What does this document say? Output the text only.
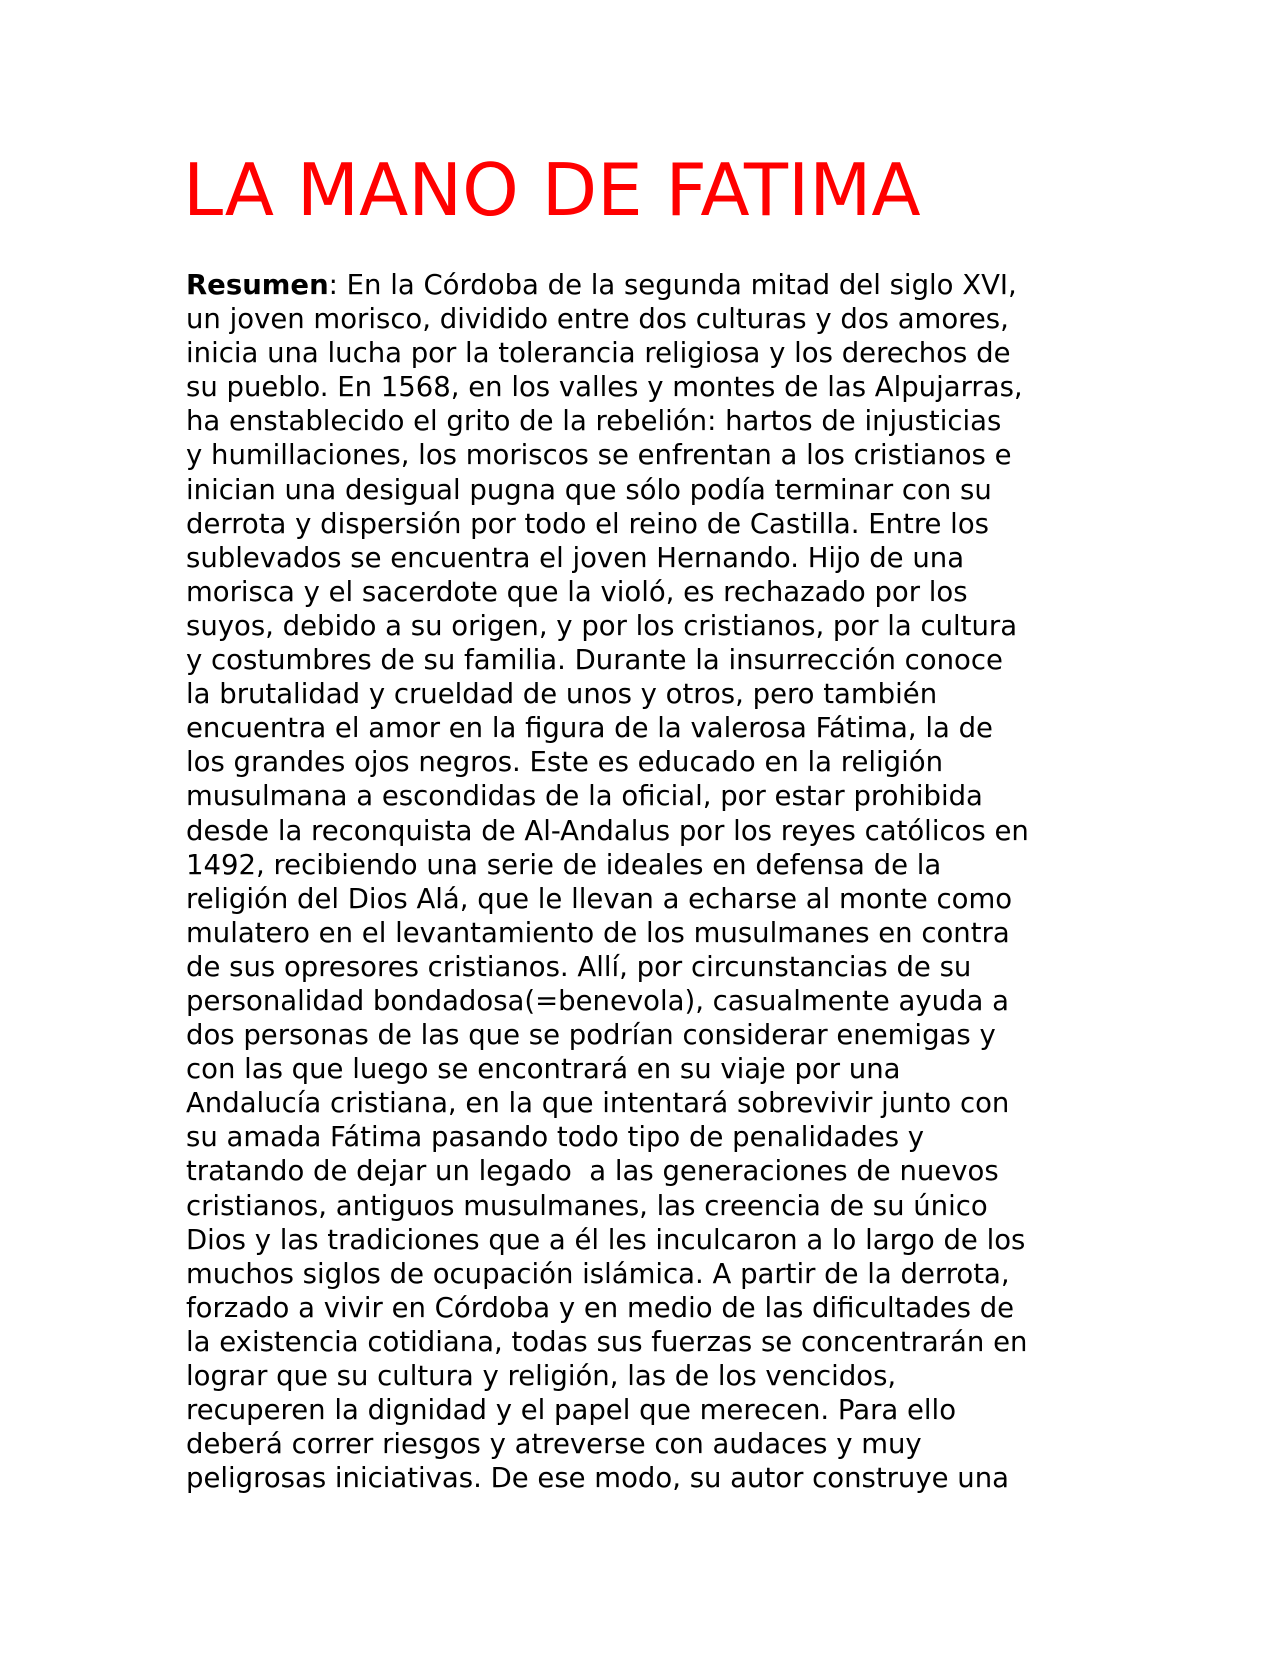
LA MANO DE FATIMA
Resumen: En la Córdoba de la segunda mitad del siglo XVI,
un joven morisco, dividido entre dos culturas y dos amores,
inicia una lucha por la tolerancia religiosa y los derechos de
su pueblo. En 1568, en los valles y montes de las Alpujarras,
ha enstablecido el grito de la rebelión: hartos de injusticias
y humillaciones, los moriscos se enfrentan a los cristianos e
inician una desigual pugna que sólo podía terminar con su
derrota y dispersión por todo el reino de Castilla. Entre los
sublevados se encuentra el joven Hernando. Hijo de una
morisca y el sacerdote que la violó, es rechazado por los
suyos, debido a su origen, y por los cristianos, por la cultura
y costumbres de su familia. Durante la insurrección conoce
la brutalidad y crueldad de unos y otros, pero también
encuentra el amor en la figura de la valerosa Fátima, la de
los grandes ojos negros. Este es educado en la religión
musulmana a escondidas de la oficial, por estar prohibida
desde la reconquista de Al-Andalus por los reyes católicos en
1492, recibiendo una serie de ideales en defensa de la
religión del Dios Alá, que le llevan a echarse al monte como
mulatero en el levantamiento de los musulmanes en contra
de sus opresores cristianos. Allí, por circunstancias de su
personalidad bondadosa(=benevola), casualmente ayuda a
dos personas de las que se podrían considerar enemigas y
con las que luego se encontrará en su viaje por una
Andalucía cristiana, en la que intentará sobrevivir junto con
su amada Fátima pasando todo tipo de penalidades y
tratando de dejar un legado  a las generaciones de nuevos
cristianos, antiguos musulmanes, las creencia de su único
Dios y las tradiciones que a él les inculcaron a lo largo de los
muchos siglos de ocupación islámica. A partir de la derrota,
forzado a vivir en Córdoba y en medio de las dificultades de
la existencia cotidiana, todas sus fuerzas se concentrarán en
lograr que su cultura y religión, las de los vencidos,
recuperen la dignidad y el papel que merecen. Para ello
deberá correr riesgos y atreverse con audaces y muy
peligrosas iniciativas. De ese modo, su autor construye una
